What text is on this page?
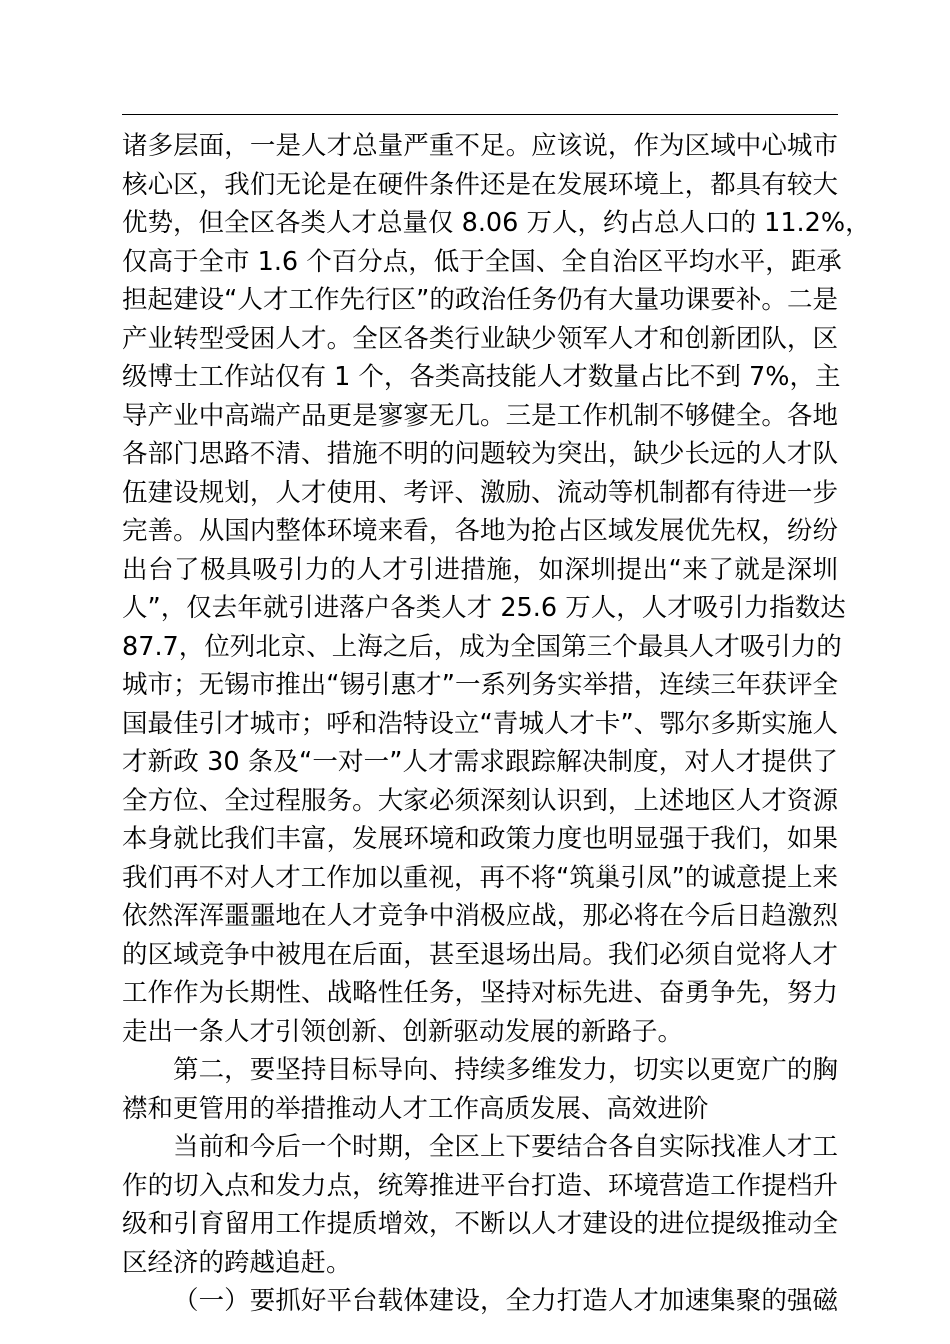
诸多层面，一是人才总量严重不足。应该说，作为区域中心城市
核心区，我们无论是在硬件条件还是在发展环境上，都具有较大
优势，但全区各类人才总量仅 8.06 万人，约占总人口的 11.2%，
仅高于全市 1.6 个百分点，低于全国、全自治区平均水平，距承
担起建设“人才工作先行区”的政治任务仍有大量功课要补。二是
产业转型受困人才。全区各类行业缺少领军人才和创新团队，区
级博士工作站仅有 1 个，各类高技能人才数量占比不到 7%，主
导产业中高端产品更是寥寥无几。三是工作机制不够健全。各地
各部门思路不清、措施不明的问题较为突出，缺少长远的人才队
伍建设规划，人才使用、考评、激励、流动等机制都有待进一步
完善。从国内整体环境来看，各地为抢占区域发展优先权，纷纷
出台了极具吸引力的人才引进措施，如深圳提出“来了就是深圳
人”，仅去年就引进落户各类人才 25.6 万人，人才吸引力指数达
87.7，位列北京、上海之后，成为全国第三个最具人才吸引力的
城市；无锡市推出“锡引惠才”一系列务实举措，连续三年获评全
国最佳引才城市；呼和浩特设立“青城人才卡”、鄂尔多斯实施人
才新政 30 条及“一对一”人才需求跟踪解决制度，对人才提供了
全方位、全过程服务。大家必须深刻认识到，上述地区人才资源
本身就比我们丰富，发展环境和政策力度也明显强于我们，如果
我们再不对人才工作加以重视，再不将“筑巢引凤”的诚意提上来
依然浑浑噩噩地在人才竞争中消极应战，那必将在今后日趋激烈
的区域竞争中被甩在后面，甚至退场出局。我们必须自觉将人才
工作作为长期性、战略性任务，坚持对标先进、奋勇争先，努力
走出一条人才引领创新、创新驱动发展的新路子。
第二，要坚持目标导向、持续多维发力，切实以更宽广的胸
襟和更管用的举措推动人才工作高质发展、高效进阶
当前和今后一个时期，全区上下要结合各自实际找准人才工
作的切入点和发力点，统筹推进平台打造、环境营造工作提档升
级和引育留用工作提质增效，不断以人才建设的进位提级推动全
区经济的跨越追赶。
（一）要抓好平台载体建设，全力打造人才加速集聚的强磁
